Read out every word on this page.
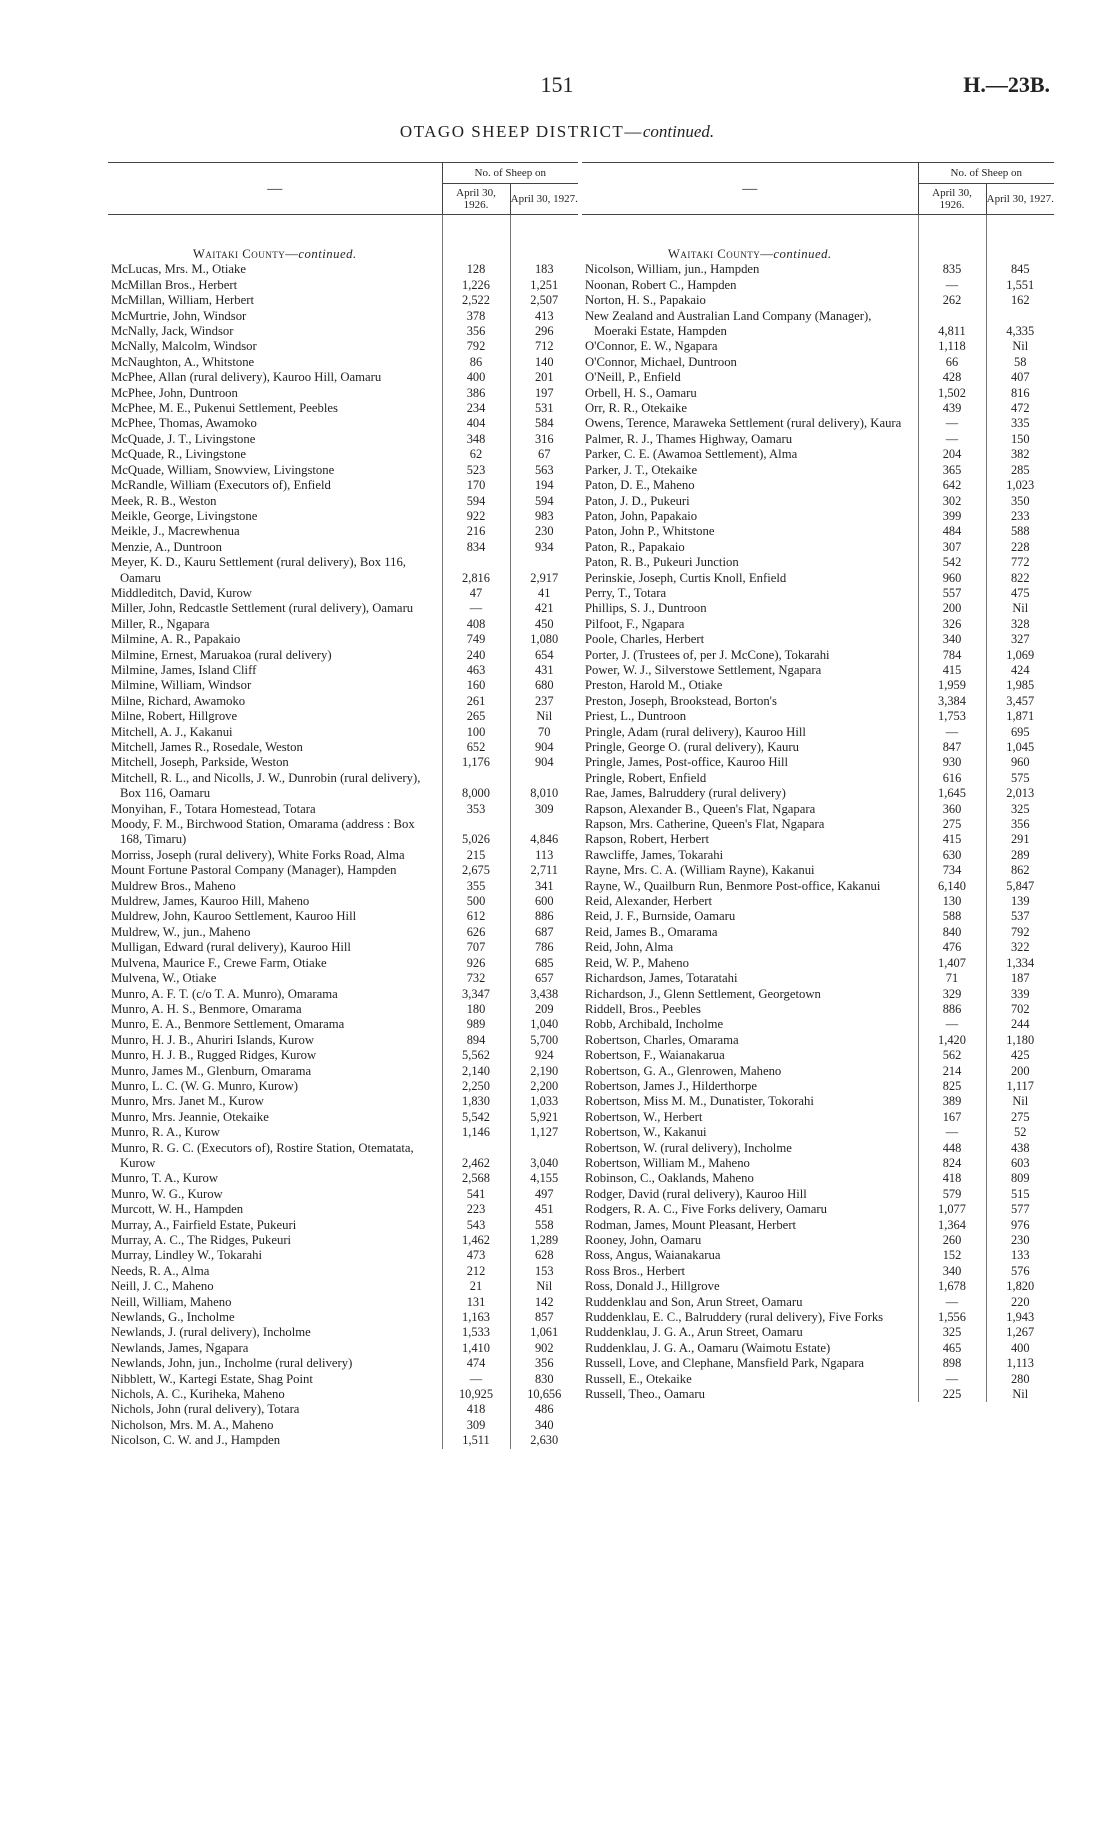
151	H.—23B.
OTAGO SHEEP DISTRICT—continued.
—	No. of Sheep on	
	April 30, 1926.	April 30, 1927.
Waitaki County—continued.		
McLucas, Mrs. M., Otiake	128	183
McMillan Bros., Herbert	1,226	1,251
McMillan, William, Herbert	2,522	2,507
McMurtrie, John, Windsor	378	413
McNally, Jack, Windsor	356	296
McNally, Malcolm, Windsor	792	712
McNaughton, A., Whitstone	86	140
McPhee, Allan (rural delivery), Kauroo Hill, Oamaru	400	201
McPhee, John, Duntroon	386	197
McPhee, M. E., Pukenui Settlement, Peebles	234	531
McPhee, Thomas, Awamoko	404	584
McQuade, J. T., Livingstone	348	316
McQuade, R., Livingstone	62	67
McQuade, William, Snowview, Livingstone	523	563
McRandle, William (Executors of), Enfield	170	194
Meek, R. B., Weston	594	594
Meikle, George, Livingstone	922	983
Meikle, J., Macrewhenua	216	230
Menzie, A., Duntroon	834	934
Meyer, K. D., Kauru Settlement (rural delivery), Box 116, Oamaru	2,816	2,917
Middleditch, David, Kurow	47	41
Miller, John, Redcastle Settlement (rural delivery), Oamaru	—	421
Miller, R., Ngapara	408	450
Milmine, A. R., Papakaio	749	1,080
Milmine, Ernest, Maruakoa (rural delivery)	240	654
Milmine, James, Island Cliff	463	431
Milmine, William, Windsor	160	680
Milne, Richard, Awamoko	261	237
Milne, Robert, Hillgrove	265	Nil
Mitchell, A. J., Kakanui	100	70
Mitchell, James R., Rosedale, Weston	652	904
Mitchell, Joseph, Parkside, Weston	1,176	904
Mitchell, R. L., and Nicolls, J. W., Dunrobin (rural delivery), Box 116, Oamaru	8,000	8,010
Monyihan, F., Totara Homestead, Totara	353	309
Moody, F. M., Birchwood Station, Omarama (address : Box 168, Timaru)	5,026	4,846
Morriss, Joseph (rural delivery), White Forks Road, Alma	215	113
Mount Fortune Pastoral Company (Manager), Hampden	2,675	2,711
Muldrew Bros., Maheno	355	341
Muldrew, James, Kauroo Hill, Maheno	500	600
Muldrew, John, Kauroo Settlement, Kauroo Hill	612	886
Muldrew, W., jun., Maheno	626	687
Mulligan, Edward (rural delivery), Kauroo Hill	707	786
Mulvena, Maurice F., Crewe Farm, Otiake	926	685
Mulvena, W., Otiake	732	657
Munro, A. F. T. (c/o T. A. Munro), Omarama	3,347	3,438
Munro, A. H. S., Benmore, Omarama	180	209
Munro, E. A., Benmore Settlement, Omarama	989	1,040
Munro, H. J. B., Ahuriri Islands, Kurow	894	5,700
Munro, H. J. B., Rugged Ridges, Kurow	5,562	924
Munro, James M., Glenburn, Omarama	2,140	2,190
Munro, L. C. (W. G. Munro, Kurow)	2,250	2,200
Munro, Mrs. Janet M., Kurow	1,830	1,033
Munro, Mrs. Jeannie, Otekaike	5,542	5,921
Munro, R. A., Kurow	1,146	1,127
Munro, R. G. C. (Executors of), Rostire Station, Otematata, Kurow	2,462	3,040
Munro, T. A., Kurow	2,568	4,155
Munro, W. G., Kurow	541	497
Murcott, W. H., Hampden	223	451
Murray, A., Fairfield Estate, Pukeuri	543	558
Murray, A. C., The Ridges, Pukeuri	1,462	1,289
Murray, Lindley W., Tokarahi	473	628
Needs, R. A., Alma	212	153
Neill, J. C., Maheno	21	Nil
Neill, William, Maheno	131	142
Newlands, G., Incholme	1,163	857
Newlands, J. (rural delivery), Incholme	1,533	1,061
Newlands, James, Ngapara	1,410	902
Newlands, John, jun., Incholme (rural delivery)	474	356
Nibblett, W., Kartegi Estate, Shag Point	—	830
Nichols, A. C., Kuriheka, Maheno	10,925	10,656
Nichols, John (rural delivery), Totara	418	486
Nicholson, Mrs. M. A., Maheno	309	340
Nicolson, C. W. and J., Hampden	1,511	2,630
—	No. of Sheep on	
	April 30, 1926.	April 30, 1927.
Waitaki County—continued.		
Nicolson, William, jun., Hampden	835	845
Noonan, Robert C., Hampden	—	1,551
Norton, H. S., Papakaio	262	162
New Zealand and Australian Land Company (Manager), Moeraki Estate, Hampden	4,811	4,335
O'Connor, E. W., Ngapara	1,118	Nil
O'Connor, Michael, Duntroon	66	58
O'Neill, P., Enfield	428	407
Orbell, H. S., Oamaru	1,502	816
Orr, R. R., Otekaike	439	472
Owens, Terence, Maraweka Settlement (rural delivery), Kaura	—	335
Palmer, R. J., Thames Highway, Oamaru	—	150
Parker, C. E. (Awamoa Settlement), Alma	204	382
Parker, J. T., Otekaike	365	285
Paton, D. E., Maheno	642	1,023
Paton, J. D., Pukeuri	302	350
Paton, John, Papakaio	399	233
Paton, John P., Whitstone	484	588
Paton, R., Papakaio	307	228
Paton, R. B., Pukeuri Junction	542	772
Perinskie, Joseph, Curtis Knoll, Enfield	960	822
Perry, T., Totara	557	475
Phillips, S. J., Duntroon	200	Nil
Pilfoot, F., Ngapara	326	328
Poole, Charles, Herbert	340	327
Porter, J. (Trustees of, per J. McCone), Tokarahi	784	1,069
Power, W. J., Silverstowe Settlement, Ngapara	415	424
Preston, Harold M., Otiake	1,959	1,985
Preston, Joseph, Brookstead, Borton's	3,384	3,457
Priest, L., Duntroon	1,753	1,871
Pringle, Adam (rural delivery), Kauroo Hill	—	695
Pringle, George O. (rural delivery), Kauru	847	1,045
Pringle, James, Post-office, Kauroo Hill	930	960
Pringle, Robert, Enfield	616	575
Rae, James, Balruddery (rural delivery)	1,645	2,013
Rapson, Alexander B., Queen's Flat, Ngapara	360	325
Rapson, Mrs. Catherine, Queen's Flat, Ngapara	275	356
Rapson, Robert, Herbert	415	291
Rawcliffe, James, Tokarahi	630	289
Rayne, Mrs. C. A. (William Rayne), Kakanui	734	862
Rayne, W., Quailburn Run, Benmore Post-office, Kakanui	6,140	5,847
Reid, Alexander, Herbert	130	139
Reid, J. F., Burnside, Oamaru	588	537
Reid, James B., Omarama	840	792
Reid, John, Alma	476	322
Reid, W. P., Maheno	1,407	1,334
Richardson, James, Totaratahi	71	187
Richardson, J., Glenn Settlement, Georgetown	329	339
Riddell, Bros., Peebles	886	702
Robb, Archibald, Incholme	—	244
Robertson, Charles, Omarama	1,420	1,180
Robertson, F., Waianakarua	562	425
Robertson, G. A., Glenrowen, Maheno	214	200
Robertson, James J., Hilderthorpe	825	1,117
Robertson, Miss M. M., Dunatister, Tokorahi	389	Nil
Robertson, W., Herbert	167	275
Robertson, W., Kakanui	—	52
Robertson, W. (rural delivery), Incholme	448	438
Robertson, William M., Maheno	824	603
Robinson, C., Oaklands, Maheno	418	809
Rodger, David (rural delivery), Kauroo Hill	579	515
Rodgers, R. A. C., Five Forks delivery, Oamaru	1,077	577
Rodman, James, Mount Pleasant, Herbert	1,364	976
Rooney, John, Oamaru	260	230
Ross, Angus, Waianakarua	152	133
Ross Bros., Herbert	340	576
Ross, Donald J., Hillgrove	1,678	1,820
Ruddenklau and Son, Arun Street, Oamaru	—	220
Ruddenklau, E. C., Balruddery (rural delivery), Five Forks	1,556	1,943
Ruddenklau, J. G. A., Arun Street, Oamaru	325	1,267
Ruddenklau, J. G. A., Oamaru (Waimotu Estate)	465	400
Russell, Love, and Clephane, Mansfield Park, Ngapara	898	1,113
Russell, E., Otekaike	—	280
Russell, Theo., Oamaru	225	Nil
